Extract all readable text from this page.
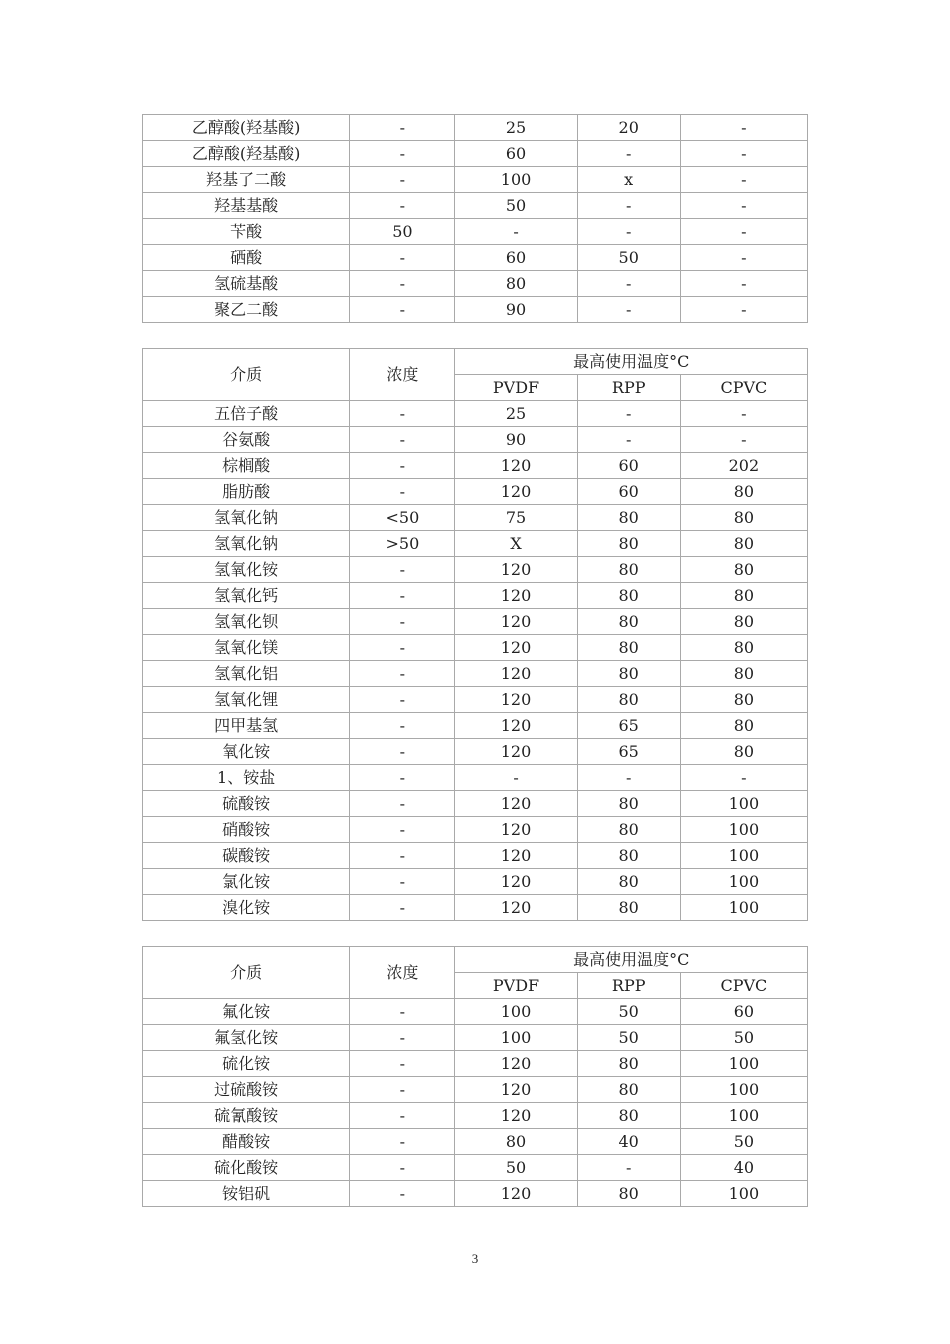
乙醇酸(羟基酸)	-	25	20	-
乙醇酸(羟基酸)	-	60	-	-
羟基了二酸	-	100	x	-
羟基基酸	-	50	-	-
苄酸	50	-	-	-
硒酸	-	60	50	-
氢硫基酸	-	80	-	-
聚乙二酸	-	90	-	-
介质	浓度	最高使用温度°C		
		PVDF	RPP	CPVC
五倍子酸	-	25	-	-
谷氨酸	-	90	-	-
棕榈酸	-	120	60	202
脂肪酸	-	120	60	80
氢氧化钠	<50	75	80	80
氢氧化钠	>50	X	80	80
氢氧化铵	-	120	80	80
氢氧化钙	-	120	80	80
氢氧化钡	-	120	80	80
氢氧化镁	-	120	80	80
氢氧化铝	-	120	80	80
氢氧化锂	-	120	80	80
四甲基氢	-	120	65	80
氧化铵	-	120	65	80
1、铵盐	-	-	-	-
硫酸铵	-	120	80	100
硝酸铵	-	120	80	100
碳酸铵	-	120	80	100
氯化铵	-	120	80	100
溴化铵	-	120	80	100
介质	浓度	最高使用温度°C		
		PVDF	RPP	CPVC
氟化铵	-	100	50	60
氟氢化铵	-	100	50	50
硫化铵	-	120	80	100
过硫酸铵	-	120	80	100
硫氰酸铵	-	120	80	100
醋酸铵	-	80	40	50
硫化酸铵	-	50	-	40
铵铝矾	-	120	80	100
3
